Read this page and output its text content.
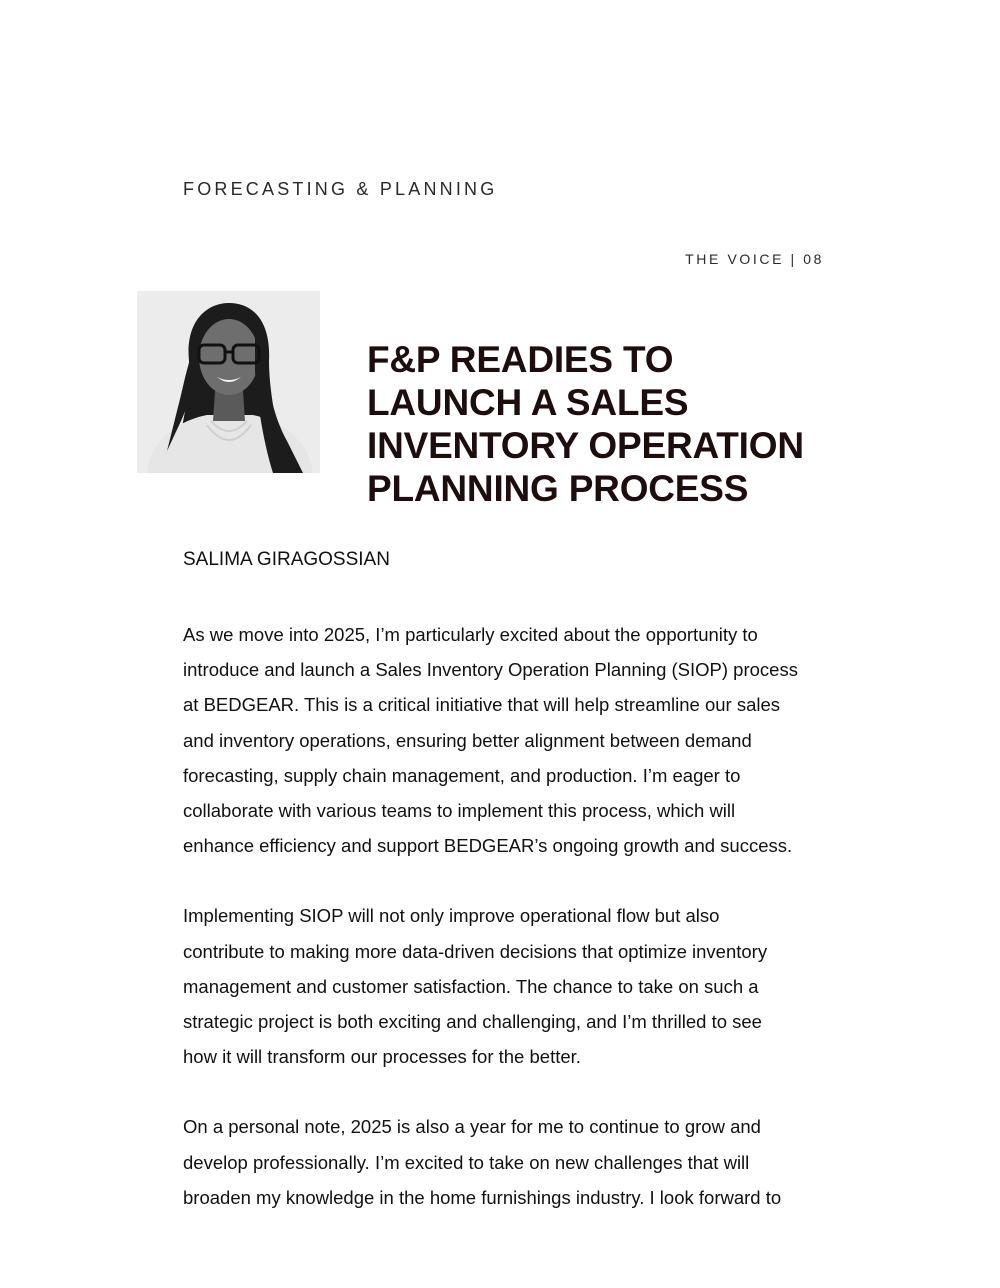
FORECASTING & PLANNING
THE VOICE | 08
F&P READIES TO
LAUNCH A SALES
INVENTORY OPERATION
PLANNING PROCESS
SALIMA GIRAGOSSIAN
As we move into 2025, I’m particularly excited about the opportunity to
introduce and launch a Sales Inventory Operation Planning (SIOP) process
at BEDGEAR. This is a critical initiative that will help streamline our sales
and inventory operations, ensuring better alignment between demand
forecasting, supply chain management, and production. I’m eager to
collaborate with various teams to implement this process, which will
enhance efficiency and support BEDGEAR’s ongoing growth and success.
Implementing SIOP will not only improve operational flow but also
contribute to making more data-driven decisions that optimize inventory
management and customer satisfaction. The chance to take on such a
strategic project is both exciting and challenging, and I’m thrilled to see
how it will transform our processes for the better.
On a personal note, 2025 is also a year for me to continue to grow and
develop professionally. I’m excited to take on new challenges that will
broaden my knowledge in the home furnishings industry. I look forward to
